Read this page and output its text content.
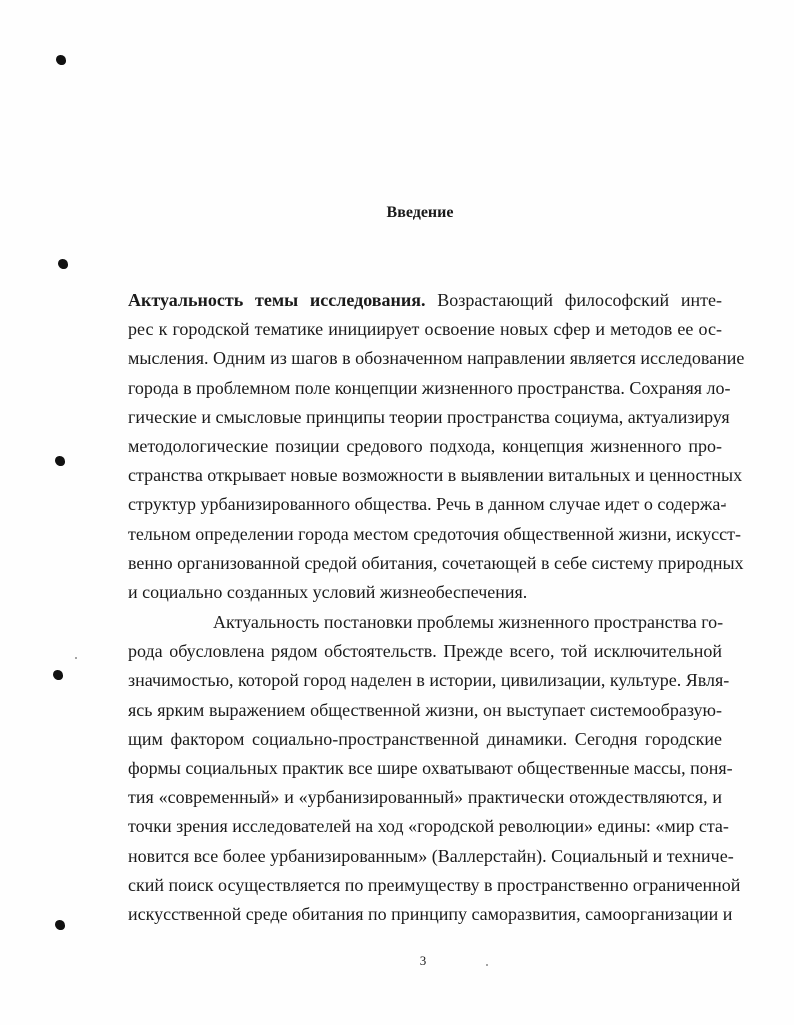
Введение
Актуальность темы исследования. Возрастающий философский инте-
рес к городской тематике инициирует освоение новых сфер и методов ее ос-
мысления. Одним из шагов в обозначенном направлении является исследование
города в проблемном поле концепции жизненного пространства. Сохраняя ло-
гические и смысловые принципы теории пространства социума, актуализируя
методологические позиции средового подхода, концепция жизненного про-
странства открывает новые возможности в выявлении витальных и ценностных
структур урбанизированного общества. Речь в данном случае идет о содержа-
тельном определении города местом средоточия общественной жизни, искусст-
венно организованной средой обитания, сочетающей в себе систему природных
и социально созданных условий жизнеобеспечения.
Актуальность постановки проблемы жизненного пространства го-
рода обусловлена рядом обстоятельств. Прежде всего, той исключительной
значимостью, которой город наделен в истории, цивилизации, культуре. Явля-
ясь ярким выражением общественной жизни, он выступает системообразую-
щим фактором социально-пространственной динамики. Сегодня городские
формы социальных практик все шире охватывают общественные массы, поня-
тия «современный» и «урбанизированный» практически отождествляются, и
точки зрения исследователей на ход «городской революции» едины: «мир ста-
новится все более урбанизированным» (Валлерстайн). Социальный и техниче-
ский поиск осуществляется по преимуществу в пространственно ограниченной
искусственной среде обитания по принципу саморазвития, самоорганизации и
3
